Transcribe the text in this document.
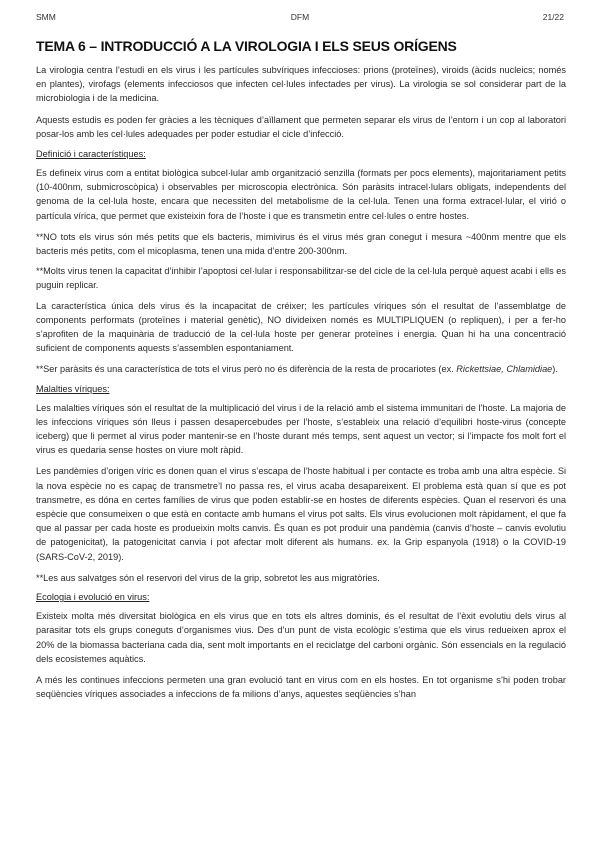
SMM	DFM	21/22
TEMA 6 – INTRODUCCIÓ A LA VIROLOGIA I ELS SEUS ORÍGENS

La virologia centra l’estudi en els virus i les partícules subvíriques infeccioses: prions (proteïnes), viroids (àcids nucleics; només en plantes), virofags (elements infecciosos que infecten cel·lules infectades per virus). La virologia se sol considerar part de la microbiologia i de la medicina.

Aquests estudis es poden fer gràcies a les tècniques d’aïllament que permeten separar els virus de l’entorn i un cop al laboratori posar-los amb les cel·lules adequades per poder estudiar el cicle d’infecció.

Definició i característiques:

Es defineix virus com a entitat biològica subcel·lular amb organització senzilla (formats per pocs elements), majoritariament petits (10-400nm, submicroscòpica) i observables per microscopia electrònica. Són paràsits intracel·lulars obligats, independents del genoma de la cel·lula hoste, encara que necessiten del metabolisme de la cel·lula. Tenen una forma extracel·lular, el virió o partícula vírica, que permet que existeixin fora de l’hoste i que es transmetin entre cel·lules o entre hostes.

**NO tots els virus són més petits que els bacteris, mimivirus és el virus més gran conegut i mesura ~400nm mentre que els bacteris més petits, com el micoplasma, tenen una mida d’entre 200-300nm.

**Molts virus tenen la capacitat d’inhibir l’apoptosi cel·lular i responsabilitzar-se del cicle de la cel·lula perquè aquest acabi i ells es puguin replicar.

La característica única dels virus és la incapacitat de créixer; les partícules víriques són el resultat de l’assemblatge de components performats (proteïnes i material genètic), NO divideixen només es MULTIPLIQUEN (o repliquen), i per a fer-ho s’aprofiten de la maquinària de traducció de la cel·lula hoste per generar proteïnes i energia. Quan hi ha una concentració suficient de components aquests s’assemblen espontaniament.

**Ser paràsits és una característica de tots el virus però no és diferència de la resta de procariotes (ex. Rickettsiae, Chlamidiae).

Malalties víriques:

Les malalties víriques són el resultat de la multiplicació del virus i de la relació amb el sistema immunitari de l’hoste. La majoria de les infeccions víriques són lleus i passen desapercebudes per l’hoste, s’estableix una relació d’equilibri hoste-virus (concepte iceberg) que li permet al virus poder mantenir-se en l’hoste durant més temps, sent aquest un vector; si l’impacte fos molt fort el virus es quedaria sense hostes on viure molt ràpid.

Les pandèmies d’origen víric es donen quan el virus s’escapa de l’hoste habitual i per contacte es troba amb una altra espècie. Si la nova espècie no es capaç de transmetre’l no passa res, el virus acaba desapareixent. El problema està quan sí que es pot transmetre, es dóna en certes famílies de virus que poden establir-se en hostes de diferents espècies. Quan el reservori és una espècie que consumeixen o que està en contacte amb humans el virus pot salts. Els virus evolucionen molt ràpidament, el que fa que al passar per cada hoste es produeixin molts canvis. És quan es pot produir una pandèmia (canvis d’hoste – canvis evolutiu de patogenicitat), la patogenicitat canvia i pot afectar molt diferent als humans. ex. la Grip espanyola (1918) o la COVID-19 (SARS-CoV-2, 2019).

**Les aus salvatges són el reservori del virus de la grip, sobretot les aus migratòries.

Ecologia i evolució en virus:

Existeix molta més diversitat biològica en els virus que en tots els altres dominis, és el resultat de l’èxit evolutiu dels virus al parasitar tots els grups coneguts d’organismes vius. Des d’un punt de vista ecològic s’estima que els virus redueixen aprox el 20% de la biomassa bacteriana cada dia, sent molt importants en el reciclatge del carboni orgànic. Són essencials en la regulació dels ecosistemes aquàtics.

A més les continues infeccions permeten una gran evolució tant en virus com en els hostes. En tot organisme s’hi poden trobar seqüències víriques associades a infeccions de fa milions d’anys, aquestes seqüències s’han
